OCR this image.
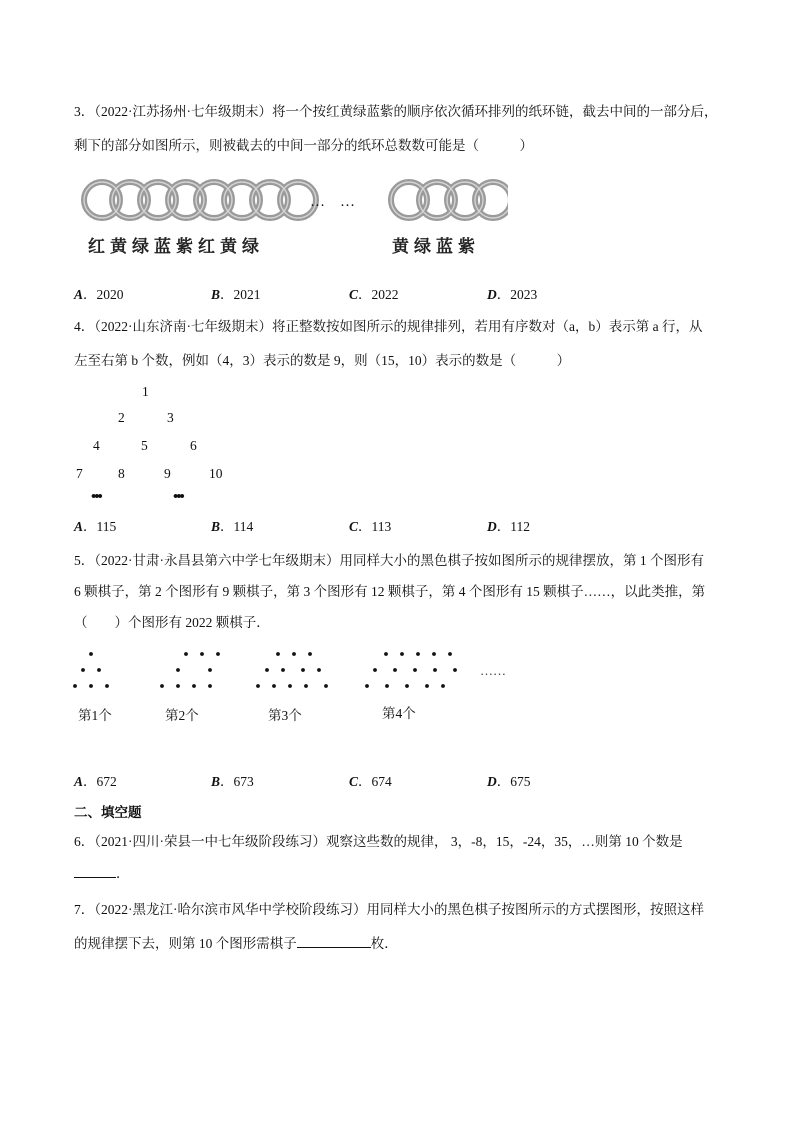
3．（2022·江苏扬州·七年级期末）将一个按红黄绿蓝紫的顺序依次循环排列的纸环链，截去中间的一部分后，
剩下的部分如图所示，则被截去的中间一部分的纸环总数数可能是（　　　）
…　…
红黄绿蓝紫红黄绿	黄绿蓝紫
A．2020	B．2021	C．2022	D．2023
4．（2022·山东济南·七年级期末）将正整数按如图所示的规律排列，若用有序数对（a，b）表示第 a 行，从
左至右第 b 个数，例如（4，3）表示的数是 9，则（15，10）表示的数是（　　　）
1
2	3
4	5	6
7	8	9	10
•••	•••
A．115	B．114	C．113	D．112
5．（2022·甘肃·永昌县第六中学七年级期末）用同样大小的黑色棋子按如图所示的规律摆放，第 1 个图形有
6 颗棋子，第 2 个图形有 9 颗棋子，第 3 个图形有 12 颗棋子，第 4 个图形有 15 颗棋子……，以此类推，第
（　　）个图形有 2022 颗棋子．
……
第1个	第2个	第3个	第4个
A．672	B．673	C．674	D．675
二、填空题
6．（2021·四川·荣县一中七年级阶段练习）观察这些数的规律， 3，-8，15，-24，35，…则第 10 个数是
．
7．（2022·黑龙江·哈尔滨市风华中学校阶段练习）用同样大小的黑色棋子按图所示的方式摆图形，按照这样
的规律摆下去，则第 10 个图形需棋子	枚．
